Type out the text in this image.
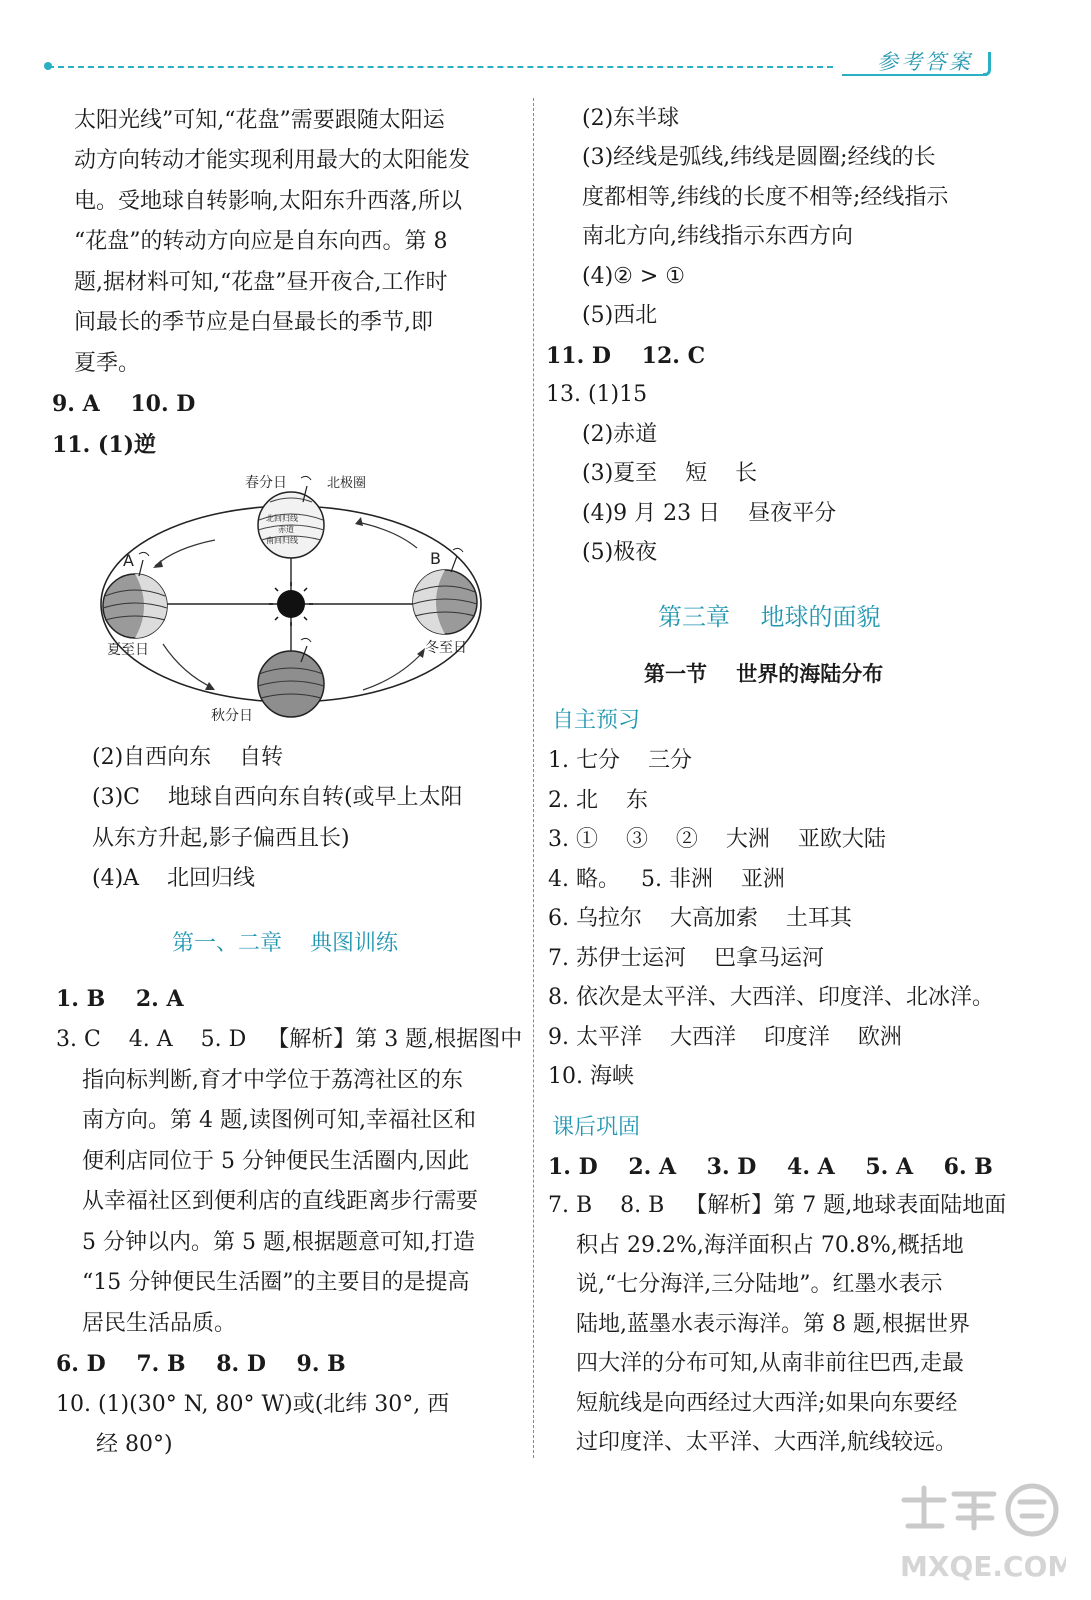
参考答案
太阳光线”可知,“花盘”需要跟随太阳运
动方向转动才能实现利用最大的太阳能发
电。受地球自转影响,太阳东升西落,所以
“花盘”的转动方向应是自东向西。第 8
题,据材料可知,“花盘”昼开夜合,工作时
间最长的季节应是白昼最长的季节,即
夏季。
9. A    10. D
11. (1)逆
北回归线
赤道
南回归线
春分日	北极圈
A	B
夏至日	冬至日
秋分日
(2)自西向东    自转
(3)C    地球自西向东自转(或早上太阳
从东方升起,影子偏西且长)
(4)A    北回归线
第一、二章    典图训练
1. B    2. A
3. C    4. A    5. D   【解析】第 3 题,根据图中
指向标判断,育才中学位于荔湾社区的东
南方向。第 4 题,读图例可知,幸福社区和
便利店同位于 5 分钟便民生活圈内,因此
从幸福社区到便利店的直线距离步行需要
5 分钟以内。第 5 题,根据题意可知,打造
“15 分钟便民生活圈”的主要目的是提高
居民生活品质。
6. D    7. B    8. D    9. B
10. (1)(30° N, 80° W)或(北纬 30°, 西
经 80°)
(2)东半球
(3)经线是弧线,纬线是圆圈;经线的长
度都相等,纬线的长度不相等;经线指示
南北方向,纬线指示东西方向
(4)② > ①
(5)西北
11. D    12. C
13. (1)15
(2)赤道
(3)夏至    短    长
(4)9 月 23 日    昼夜平分
(5)极夜
第三章    地球的面貌
第一节    世界的海陆分布
自主预习
1. 七分    三分
2. 北    东
3. ①    ③    ②    大洲    亚欧大陆
4. 略。   5. 非洲    亚洲
6. 乌拉尔    大高加索    土耳其
7. 苏伊士运河    巴拿马运河
8. 依次是太平洋、大西洋、印度洋、北冰洋。
9. 太平洋    大西洋    印度洋    欧洲
10. 海峡
课后巩固
1. D    2. A    3. D    4. A    5. A    6. B
7. B    8. B   【解析】第 7 题,地球表面陆地面
积占 29.2%,海洋面积占 70.8%,概括地
说,“七分海洋,三分陆地”。红墨水表示
陆地,蓝墨水表示海洋。第 8 题,根据世界
四大洋的分布可知,从南非前往巴西,走最
短航线是向西经过大西洋;如果向东要经
过印度洋、太平洋、大西洋,航线较远。
MXQE.COM
